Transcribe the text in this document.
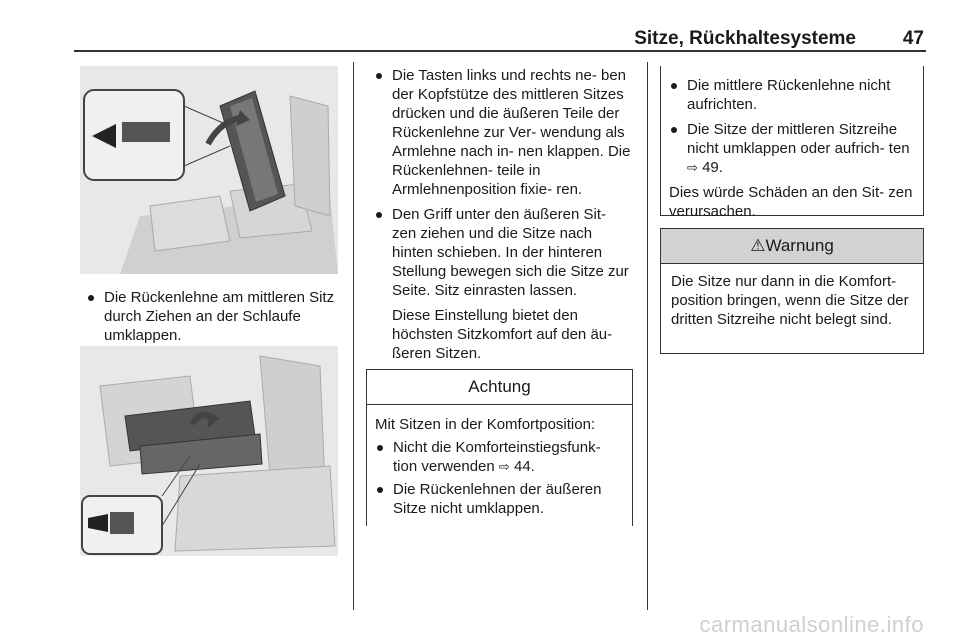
Sitze, Rückhaltesysteme 47
Die Rückenlehne am mittleren Sitz durch Ziehen an der Schlaufe umklappen.
Die Tasten links und rechts ne- ben der Kopfstütze des mittleren Sitzes drücken und die äußeren Teile der Rückenlehne zur Ver- wendung als Armlehne nach in- nen klappen. Die Rückenlehnen- teile in Armlehnenposition fixie- ren.
Den Griff unter den äußeren Sit- zen ziehen und die Sitze nach hinten schieben. In der hinteren Stellung bewegen sich die Sitze zur Seite. Sitz einrasten lassen.
Diese Einstellung bietet den höchsten Sitzkomfort auf den äu- ßeren Sitzen.
Achtung
Mit Sitzen in der Komfortposition:
Nicht die Komforteinstiegsfunk- tion verwenden ⇨ 44.
Die Rückenlehnen der äußeren Sitze nicht umklappen.
Die mittlere Rückenlehne nicht aufrichten.
Die Sitze der mittleren Sitzreihe nicht umklappen oder aufrich- ten ⇨ 49.
Dies würde Schäden an den Sit- zen verursachen.
⚠Warnung
Die Sitze nur dann in die Komfort- position bringen, wenn die Sitze der dritten Sitzreihe nicht belegt sind.
carmanualsonline.info
